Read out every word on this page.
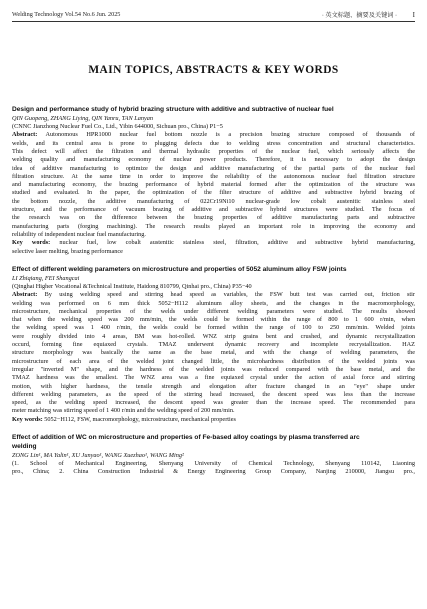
Welding Technology Vol.54 No.6 Jun. 2025	· 英文标题、摘要及关键词 · I
MAIN TOPICS, ABSTRACTS & KEY WORDS

Design and performance study of hybrid brazing structure with additive and subtractive of nuclear fuel

QIN Guopeng, ZHANG Liying, QIN Yanru, TAN Lanyan

(CNNC Jianzhong Nuclear Fuel Co., Ltd., Yibin 644000, Sichuan pro., China) P1−5

Abstract: Autonomous HPR1000 nuclear fuel bottom nozzle is a precision brazing structure composed of thousands of

welds, and its central area is prone to plugging defects due to welding stress concentration and structural characteristics.

This defect will affect the filtration and thermal hydraulic properties of the nuclear fuel, which seriously affects the

welding quality and manufacturing economy of nuclear power products. Therefore, it is necessary to adopt the design

idea of additive manufacturing to optimize the design and additive manufacturing of the partial parts of the nuclear fuel

filtration structure. At the same time in order to improve the reliability of the autonomous nuclear fuel filtration structure

and manufacturing economy, the brazing performance of hybrid material formed after the optimization of the structure was

studied and evaluated. In the paper, the optimization of the filter structure of additive and subtractive hybrid brazing of

the bottom nozzle, the additive manufacturing of 022Cr19Ni10 nuclear-grade low cobalt austenitic stainless steel

structure, and the performance of vacuum brazing of additive and subtractive hybrid structures were studied. The focus of

the research was on the difference between the brazing properties of additive manufacturing parts and subtractive

manufacturing parts (forging machining). The research results played an important role in improving the economy and

reliability of independent nuclear fuel manufacturing.

Key words: nuclear fuel, low cobalt austenitic stainless steel, filtration, additive and subtractive hybrid manufacturing,

selective laser melting, brazing performance

Effect of different welding parameters on microstructure and properties of 5052 aluminum alloy FSW joints

LI Zhiqiang, FEI Shangcai

(Qinghai Higher Vocational &Technical Institute, Haidong 810799, Qinhai pro., China) P35−40

Abstract: By using welding speed and stirring head speed as variables, the FSW butt test was carried out, friction stir

welding was performed on 6 mm thick 5052−H112 aluminum alloy sheets, and the changes in the macromorphology,

microstructure, mechanical properties of the welds under different welding parameters were studied. The results showed

that when the welding speed was 200 mm/min, the welds could be formed within the range of 800 to 1 600 r/min, when

the welding speed was 1 400 r/min, the welds could be formed within the range of 100 to 250 mm/min. Welded joints

were roughly divided into 4 areas, BM was hot-rolled. WNZ strip grains bent and crushed, and dynamic recrystallization

occurd, forming fine equiaxed crystals. TMAZ underwent dynamic recovery and incomplete recrystallization. HAZ

structure morphology was basically the same as the base metal, and with the change of welding parameters, the

microstructure of each area of the welded joint changed little, the microhardness distribution of the welded joints was

irregular "inverted M" shape, and the hardness of the welded joints was reduced compared with the base metal, and the

TMAZ hardness was the smallest. The WNZ area was a fine equiaxed crystal under the action of axial force and stirring

motion, with higher hardness, the tensile strength and elongation after fracture changed in an "eye" shape under

different welding parameters, as the speed of the stirring head increased, the descent speed was less than the increase

speed, as the welding speed increased, the descent speed was greater than the increase speed. The recommended para

meter matching was stirring speed of 1 400 r/min and the welding speed of 200 mm/min.

Key words: 5052−H112, FSW, macromorphology, microstructure, mechanical properties

Effect of addition of WC on microstructure and properties of Fe-based alloy coatings by plasma transferred arc

welding

ZONG Lin¹, MA Yalin¹, XU Junyao¹, WANG Xuezhao¹, WANG Ming²

(1. School of Mechanical Engineering, Shenyang University of Chemical Technology, Shenyang 110142, Liaoning

pro., China; 2. China Construction Industrial & Energy Engineering Group Company, Nanjing 210000, Jiangsu pro.,
